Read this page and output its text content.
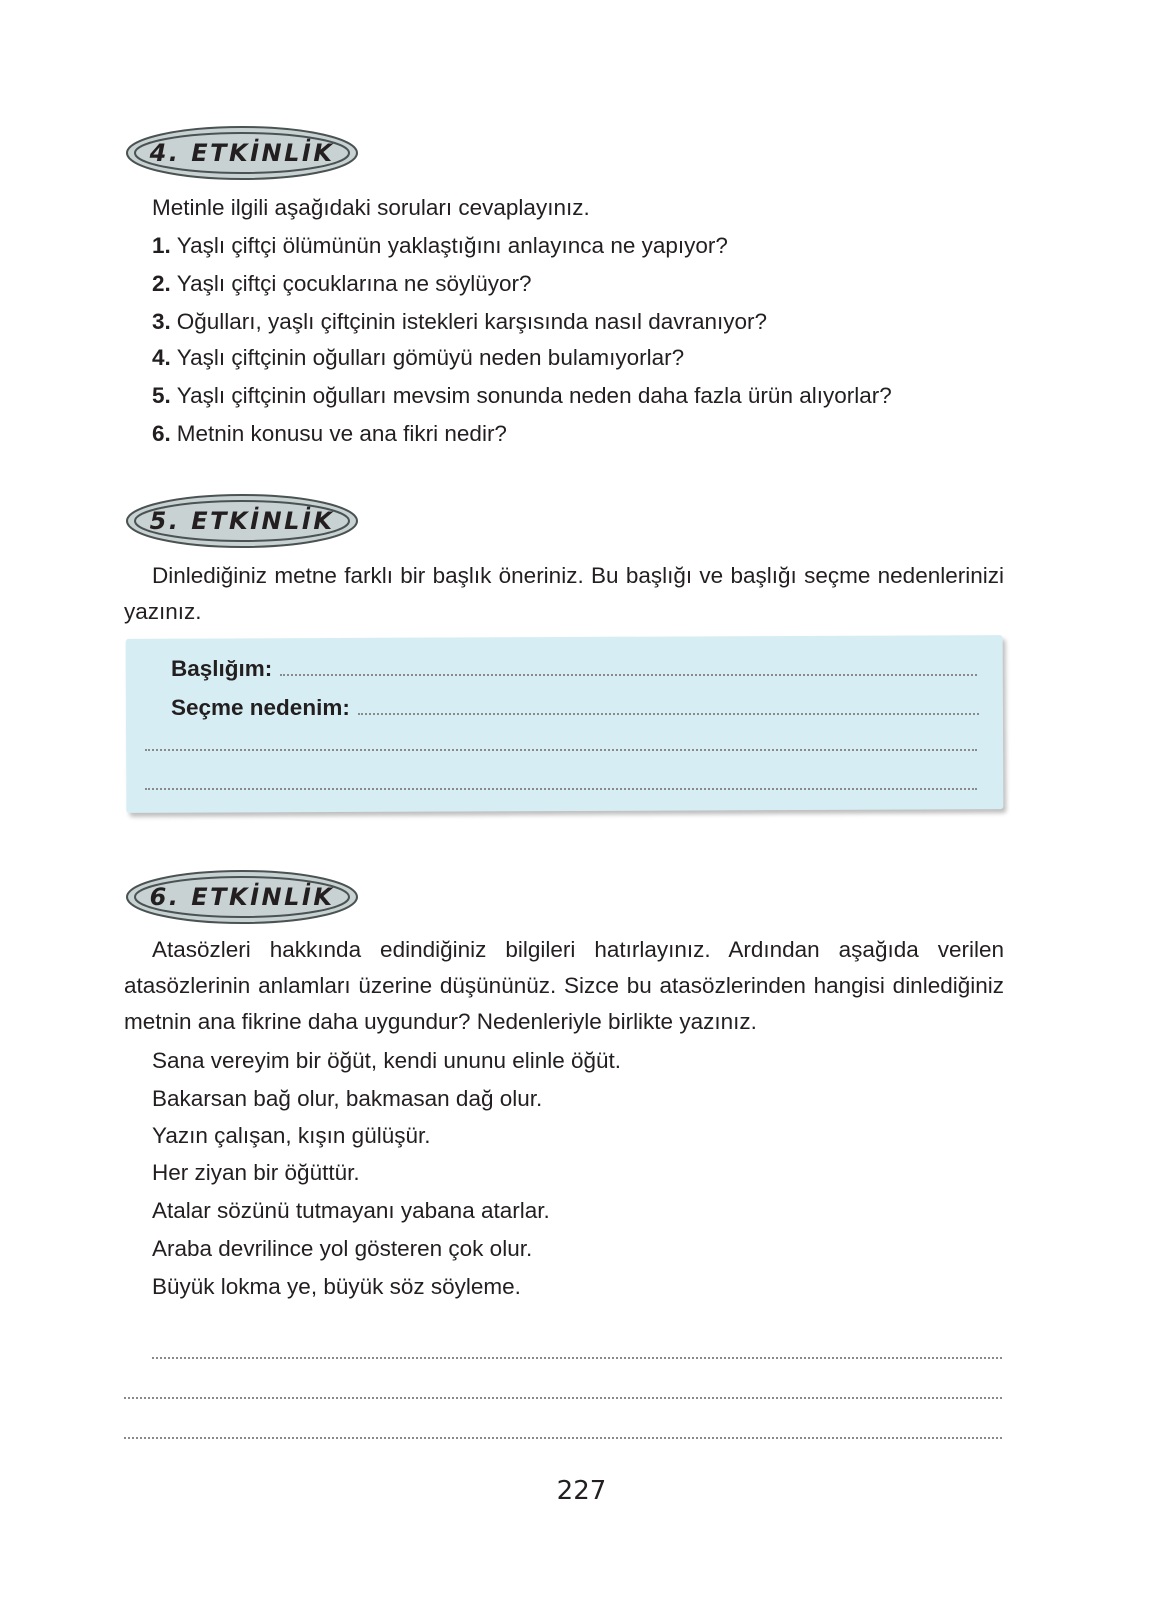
4. ETKİNLİK
Metinle ilgili aşağıdaki soruları cevaplayınız.
1. Yaşlı çiftçi ölümünün yaklaştığını anlayınca ne yapıyor?
2. Yaşlı çiftçi çocuklarına ne söylüyor?
3. Oğulları, yaşlı çiftçinin istekleri karşısında nasıl davranıyor?
4. Yaşlı çiftçinin oğulları gömüyü neden bulamıyorlar?
5. Yaşlı çiftçinin oğulları mevsim sonunda neden daha fazla ürün alıyorlar?
6. Metnin konusu ve ana fikri nedir?
5. ETKİNLİK

Dinlediğiniz metne farklı bir başlık öneriniz. Bu başlığı ve başlığı seçme nedenlerinizi yazınız.

Başlığım:
Seçme nedenim:
6. ETKİNLİK

Atasözleri hakkında edindiğiniz bilgileri hatırlayınız. Ardından aşağıda verilen atasözlerinin anlamları üzerine düşününüz. Sizce bu atasözlerinden hangisi dinlediğiniz metnin ana fikrine daha uygundur? Nedenleriyle birlikte yazınız.

Sana vereyim bir öğüt, kendi ununu elinle öğüt.
Bakarsan bağ olur, bakmasan dağ olur.
Yazın çalışan, kışın gülüşür.
Her ziyan bir öğüttür.
Atalar sözünü tutmayanı yabana atarlar.
Araba devrilince yol gösteren çok olur.
Büyük lokma ye, büyük söz söyleme.
227
